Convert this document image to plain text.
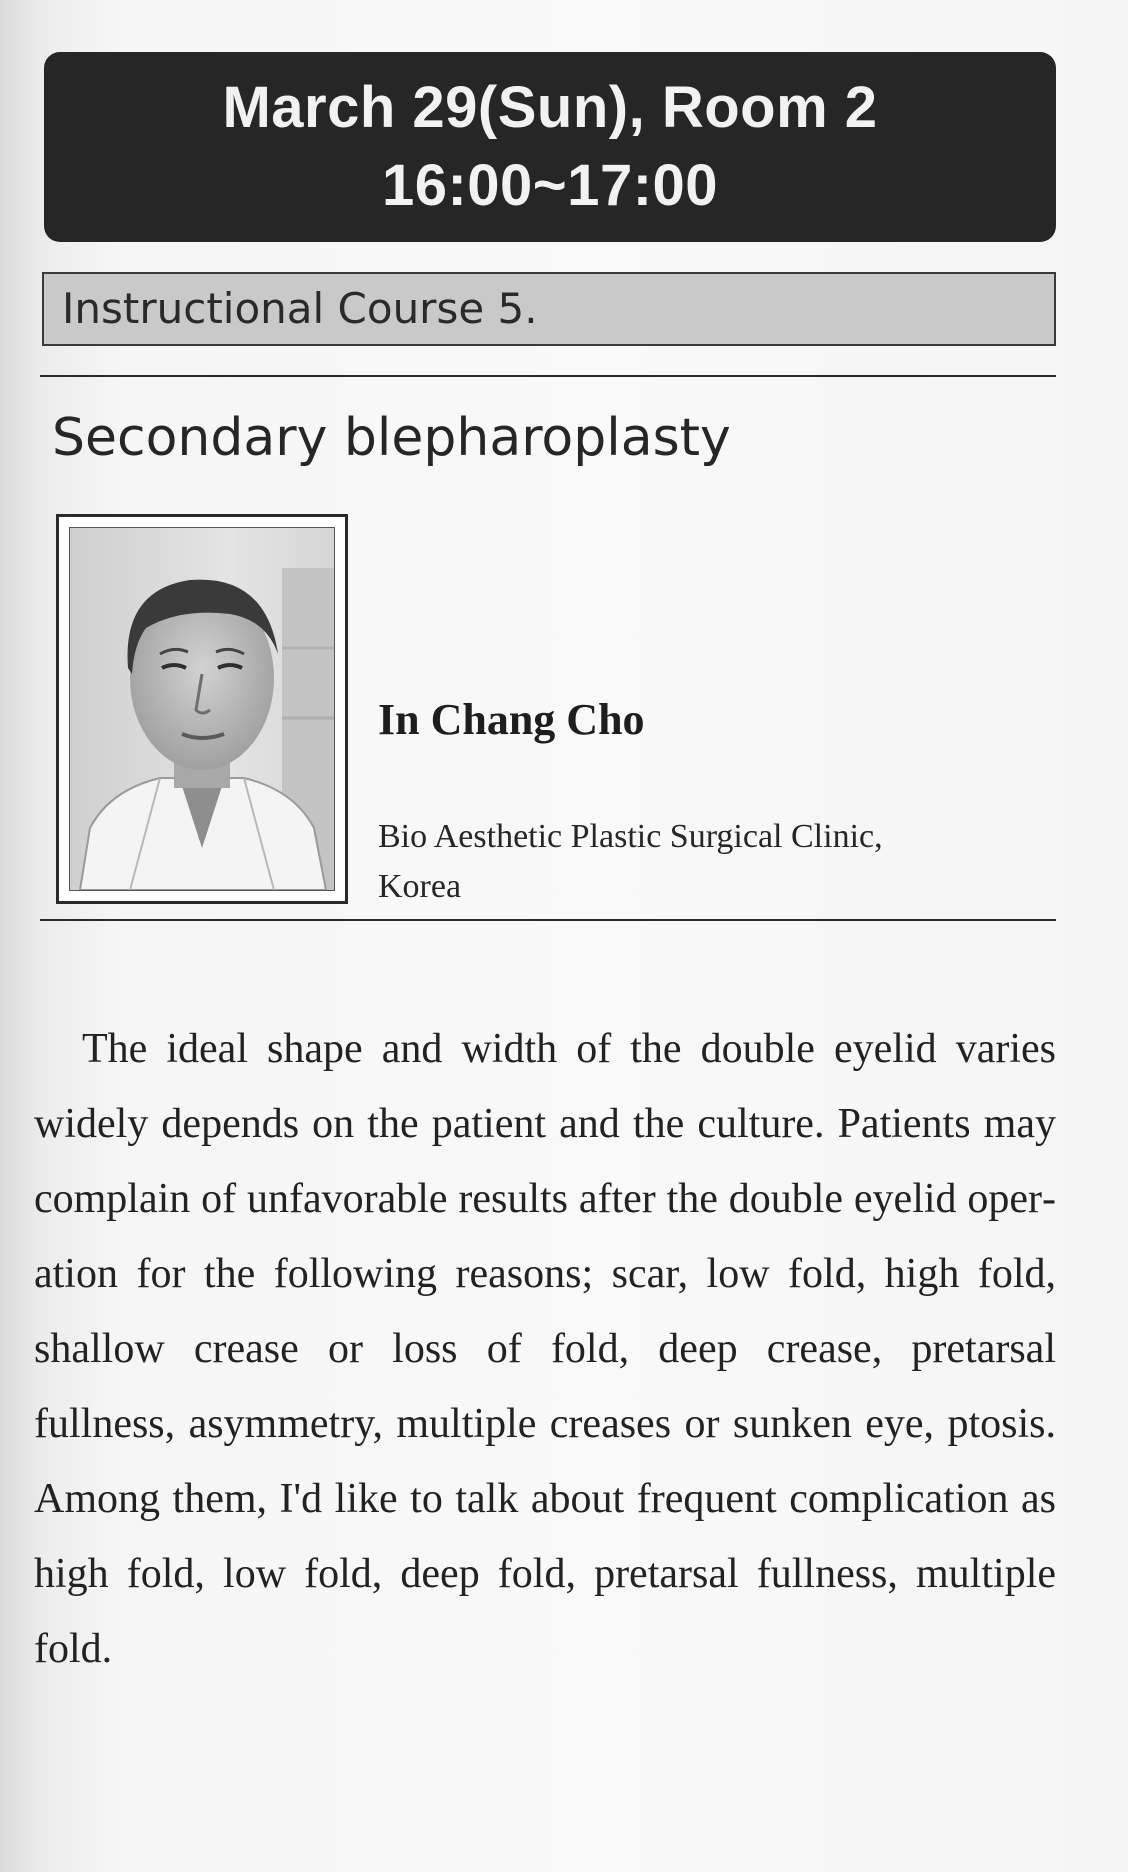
March 29(Sun), Room 2
16:00~17:00
Instructional Course 5.
Secondary blepharoplasty
In Chang Cho
Bio Aesthetic Plastic Surgical Clinic,
Korea
The ideal shape and width of the double eyelid varies widely depends on the patient and the culture. Patients may complain of unfavorable results after the double eyelid operation for the following reasons; scar, low fold, high fold, shallow crease or loss of fold, deep crease, pretarsal fullness, asymmetry, multiple creases or sunken eye, ptosis. Among them, I'd like to talk about frequent complication as high fold, low fold, deep fold, pretarsal fullness, multiple fold.
